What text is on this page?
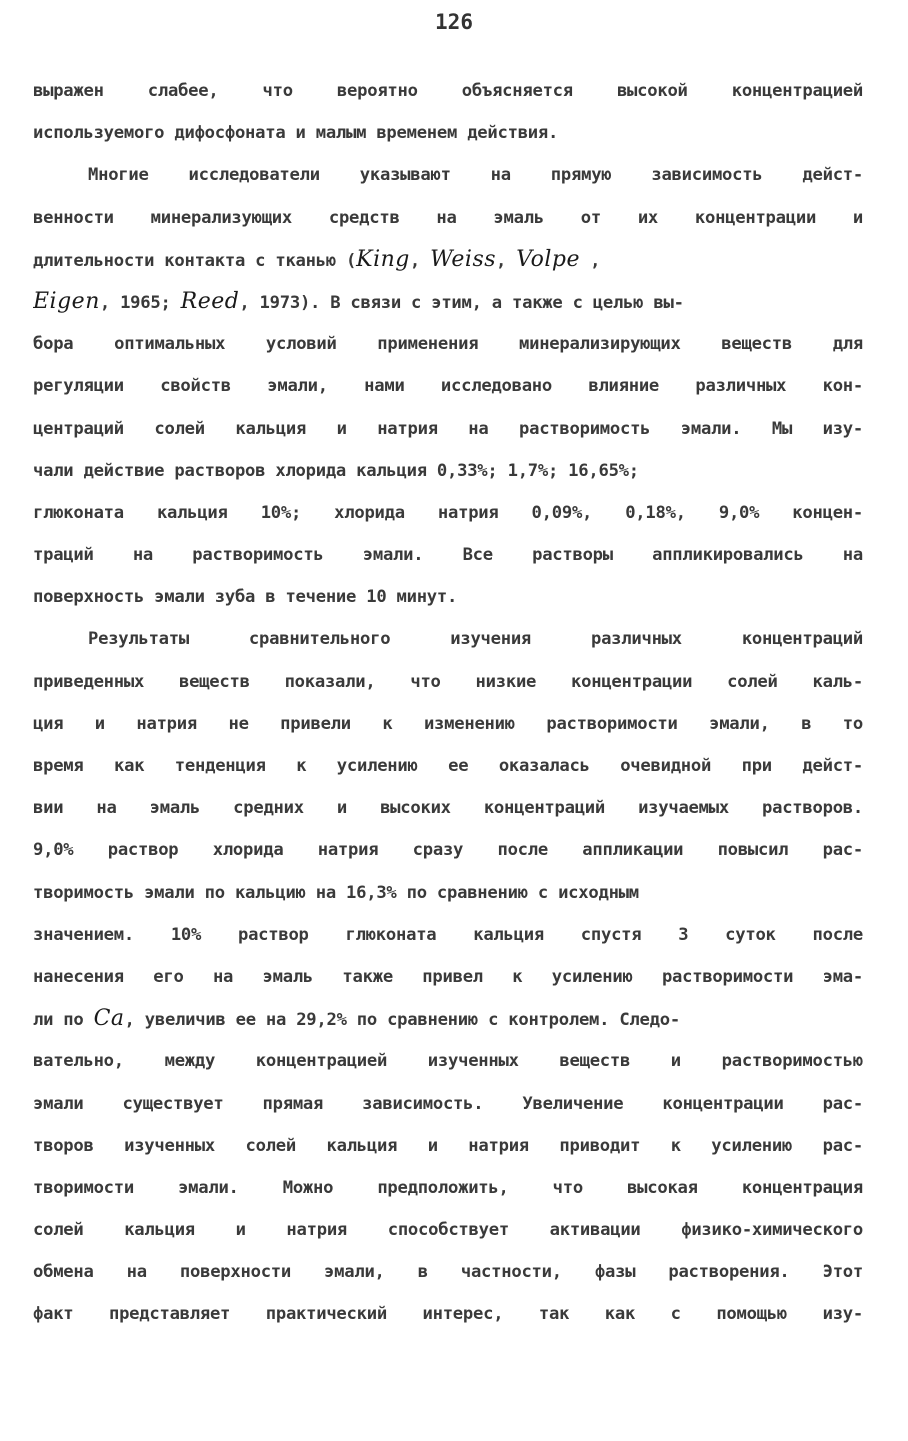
126
выражен слабее, что вероятно объясняется высокой концентрацией
используемого дифосфоната и малым временем действия.
Многие исследователи указывают на прямую зависимость дейст-
венности минерализующих средств на эмаль от их концентрации и
длительности контакта с тканью (King, Weiss, Volpe ,
Eigen, 1965; Reed, 1973). В связи с этим, а также с целью вы-
бора оптимальных условий применения минерализирующих веществ для
регуляции свойств эмали, нами исследовано влияние различных кон-
центраций солей кальция и натрия на растворимость эмали. Мы изу-
чали действие растворов хлорида кальция 0,33%; 1,7%; 16,65%;
глюконата кальция 10%; хлорида натрия 0,09%, 0,18%, 9,0% концен-
траций на растворимость эмали. Все растворы аппликировались на
поверхность эмали зуба в течение 10 минут.
Результаты сравнительного изучения различных концентраций
приведенных веществ показали, что низкие концентрации солей каль-
ция и натрия не привели к изменению растворимости эмали, в то
время как тенденция к усилению ее оказалась очевидной при дейст-
вии на эмаль средних и высоких концентраций изучаемых растворов.
9,0% раствор хлорида натрия сразу после аппликации повысил рас-
творимость эмали по кальцию на 16,3% по сравнению с исходным
значением. 10% раствор глюконата кальция спустя 3 суток после
нанесения его на эмаль также привел к усилению растворимости эма-
ли по Ca, увеличив ее на 29,2% по сравнению с контролем. Следо-
вательно, между концентрацией изученных веществ и растворимостью
эмали существует прямая зависимость. Увеличение концентрации рас-
творов изученных солей кальция и натрия приводит к усилению рас-
творимости эмали. Можно предположить, что высокая концентрация
солей кальция и натрия способствует активации физико-химического
обмена на поверхности эмали, в частности, фазы растворения. Этот
факт представляет практический интерес, так как с помощью изу-
